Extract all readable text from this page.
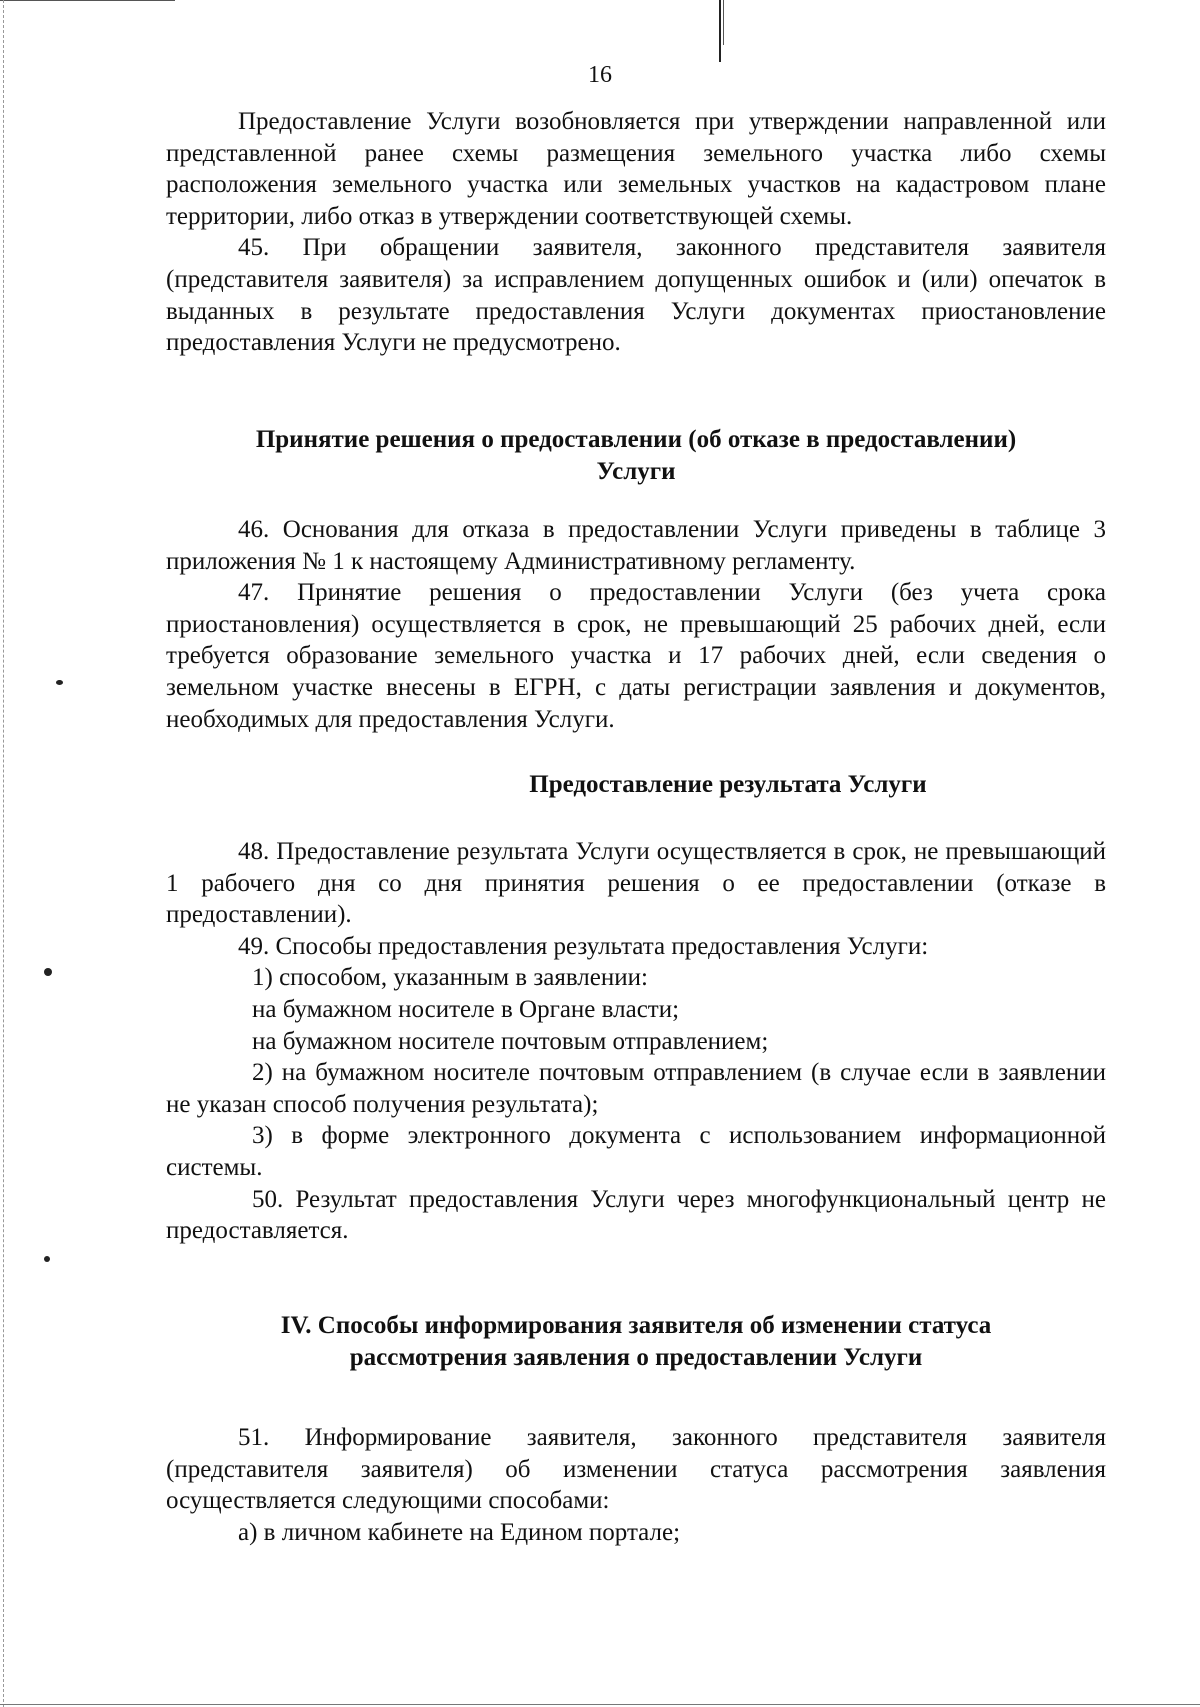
16

Предоставление Услуги возобновляется при утверждении направленной или представленной ранее схемы размещения земельного участка либо схемы расположения земельного участка или земельных участков на кадастровом плане территории, либо отказ в утверждении соответствующей схемы.

45. При обращении заявителя, законного представителя заявителя (представителя заявителя) за исправлением допущенных ошибок и (или) опечаток в выданных в результате предоставления Услуги документах приостановление предоставления Услуги не предусмотрено.

Принятие решения о предоставлении (об отказе в предоставлении)
Услуги

46. Основания для отказа в предоставлении Услуги приведены в таблице 3 приложения № 1 к настоящему Административному регламенту.

47. Принятие решения о предоставлении Услуги (без учета срока приостановления) осуществляется в срок, не превышающий 25 рабочих дней, если требуется образование земельного участка и 17 рабочих дней, если сведения о земельном участке внесены в ЕГРН, с даты регистрации заявления и документов, необходимых для предоставления Услуги.

Предоставление результата Услуги

48. Предоставление результата Услуги осуществляется в срок, не превышающий 1 рабочего дня со дня принятия решения о ее предоставлении (отказе в предоставлении).

49. Способы предоставления результата предоставления Услуги:

1) способом, указанным в заявлении:

на бумажном носителе в Органе власти;

на бумажном носителе почтовым отправлением;

2) на бумажном носителе почтовым отправлением (в случае если в заявлении не указан способ получения результата);

3) в форме электронного документа с использованием информационной системы.

50. Результат предоставления Услуги через многофункциональный центр не предоставляется.

IV. Способы информирования заявителя об изменении статуса
рассмотрения заявления о предоставлении Услуги

51. Информирование заявителя, законного представителя заявителя (представителя заявителя) об изменении статуса рассмотрения заявления осуществляется следующими способами:

а) в личном кабинете на Едином портале;
